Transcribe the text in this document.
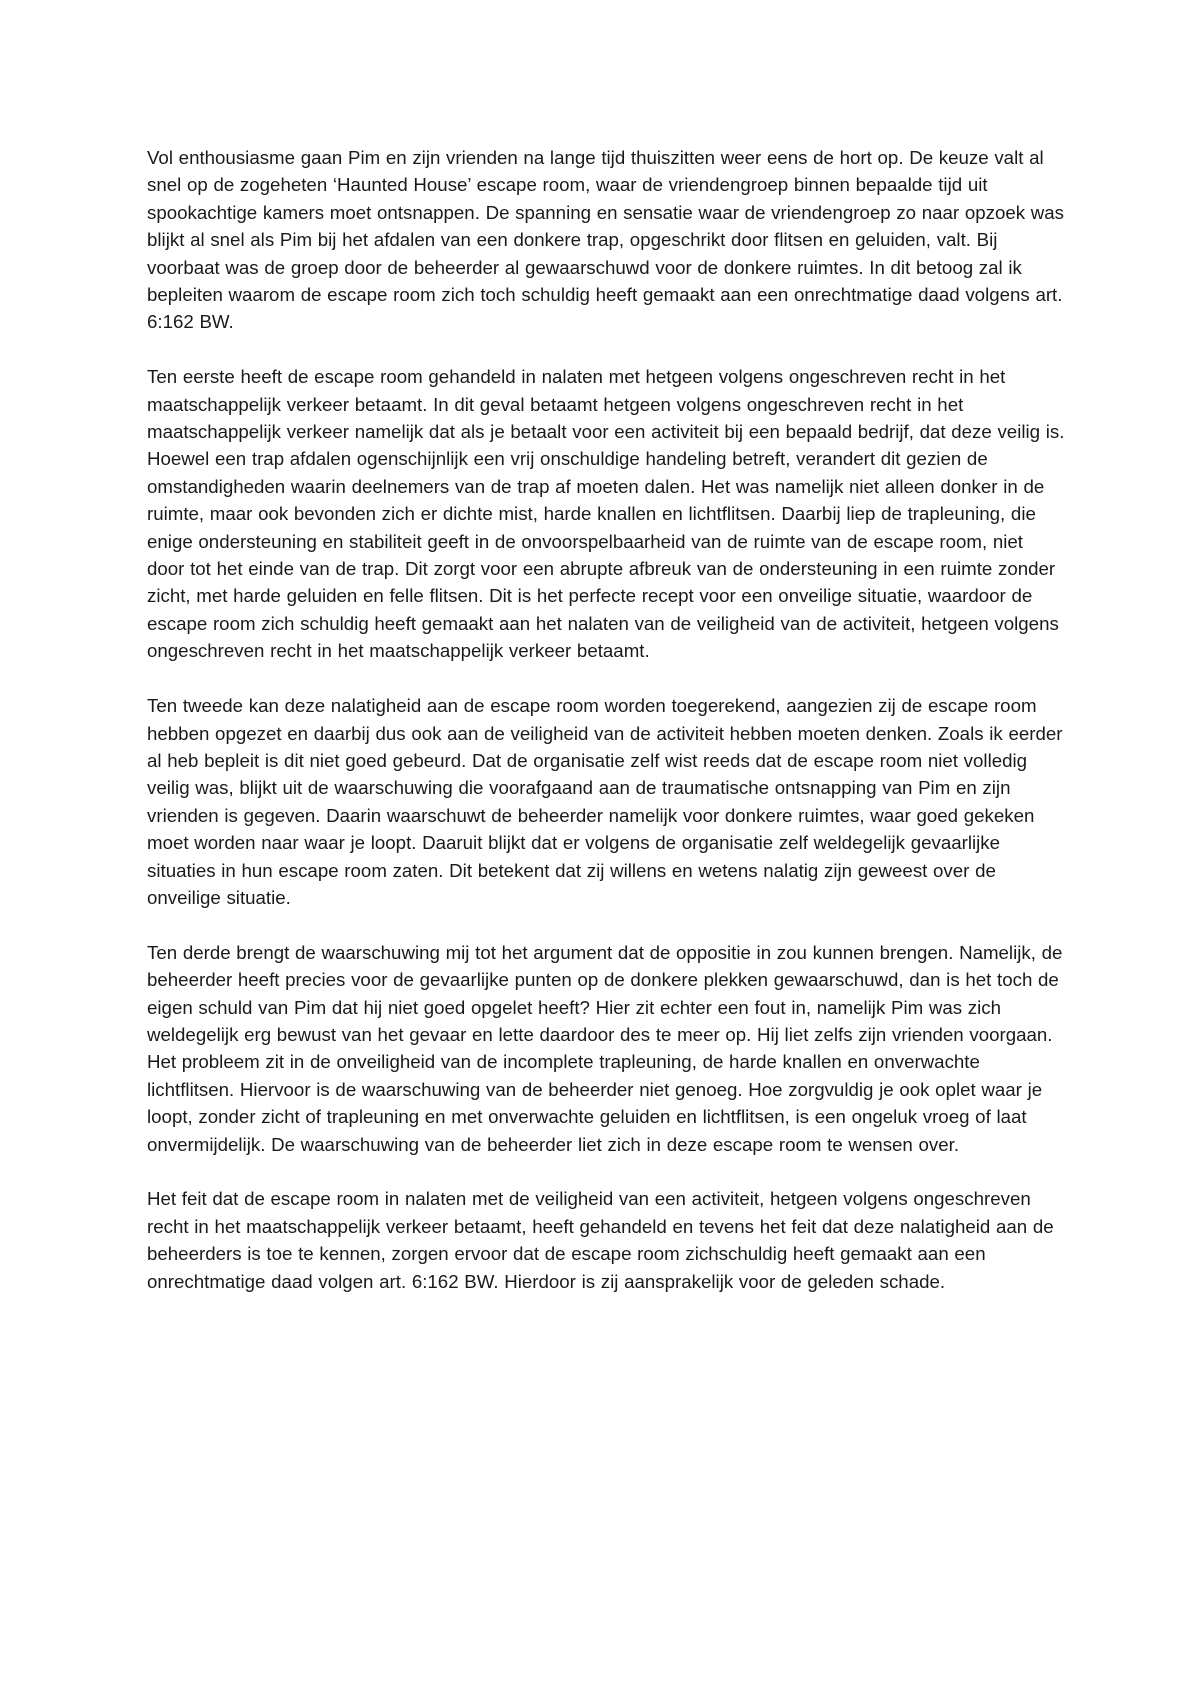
Vol enthousiasme gaan Pim en zijn vrienden na lange tijd thuiszitten weer eens de hort op. De keuze valt al snel op de zogeheten ‘Haunted House’ escape room, waar de vriendengroep binnen bepaalde tijd uit spookachtige kamers moet ontsnappen. De spanning en sensatie waar de vriendengroep zo naar opzoek was blijkt al snel als Pim bij het afdalen van een donkere trap, opgeschrikt door flitsen en geluiden, valt. Bij voorbaat was de groep door de beheerder al gewaarschuwd voor de donkere ruimtes. In dit betoog zal ik bepleiten waarom de escape room zich toch schuldig heeft gemaakt aan een onrechtmatige daad volgens art. 6:162 BW.

Ten eerste heeft de escape room gehandeld in nalaten met hetgeen volgens ongeschreven recht in het maatschappelijk verkeer betaamt. In dit geval betaamt hetgeen volgens ongeschreven recht in het maatschappelijk verkeer namelijk dat als je betaalt voor een activiteit bij een bepaald bedrijf, dat deze veilig is. Hoewel een trap afdalen ogenschijnlijk een vrij onschuldige handeling betreft, verandert dit gezien de omstandigheden waarin deelnemers van de trap af moeten dalen. Het was namelijk niet alleen donker in de ruimte, maar ook bevonden zich er dichte mist, harde knallen en lichtflitsen. Daarbij liep de trapleuning, die enige ondersteuning en stabiliteit geeft in de onvoorspelbaarheid van de ruimte van de escape room, niet door tot het einde van de trap. Dit zorgt voor een abrupte afbreuk van de ondersteuning in een ruimte zonder zicht, met harde geluiden en felle flitsen. Dit is het perfecte recept voor een onveilige situatie, waardoor de escape room zich schuldig heeft gemaakt aan het nalaten van de veiligheid van de activiteit, hetgeen volgens ongeschreven recht in het maatschappelijk verkeer betaamt.

Ten tweede kan deze nalatigheid aan de escape room worden toegerekend, aangezien zij de escape room hebben opgezet en daarbij dus ook aan de veiligheid van de activiteit hebben moeten denken. Zoals ik eerder al heb bepleit is dit niet goed gebeurd. Dat de organisatie zelf wist reeds dat de escape room niet volledig veilig was, blijkt uit de waarschuwing die voorafgaand aan de traumatische ontsnapping van Pim en zijn vrienden is gegeven. Daarin waarschuwt de beheerder namelijk voor donkere ruimtes, waar goed gekeken moet worden naar waar je loopt. Daaruit blijkt dat er volgens de organisatie zelf weldegelijk gevaarlijke situaties in hun escape room zaten. Dit betekent dat zij willens en wetens nalatig zijn geweest over de onveilige situatie.

Ten derde brengt de waarschuwing mij tot het argument dat de oppositie in zou kunnen brengen. Namelijk, de beheerder heeft precies voor de gevaarlijke punten op de donkere plekken gewaarschuwd, dan is het toch de eigen schuld van Pim dat hij niet goed opgelet heeft? Hier zit echter een fout in, namelijk Pim was zich weldegelijk erg bewust van het gevaar en lette daardoor des te meer op. Hij liet zelfs zijn vrienden voorgaan. Het probleem zit in de onveiligheid van de incomplete trapleuning, de harde knallen en onverwachte lichtflitsen. Hiervoor is de waarschuwing van de beheerder niet genoeg. Hoe zorgvuldig je ook oplet waar je loopt, zonder zicht of trapleuning en met onverwachte geluiden en lichtflitsen, is een ongeluk vroeg of laat onvermijdelijk. De waarschuwing van de beheerder liet zich in deze escape room te wensen over.

Het feit dat de escape room in nalaten met de veiligheid van een activiteit, hetgeen volgens ongeschreven recht in het maatschappelijk verkeer betaamt, heeft gehandeld en tevens het feit dat deze nalatigheid aan de beheerders is toe te kennen, zorgen ervoor dat de escape room zichschuldig heeft gemaakt aan een onrechtmatige daad volgen art. 6:162 BW. Hierdoor is zij aansprakelijk voor de geleden schade.
